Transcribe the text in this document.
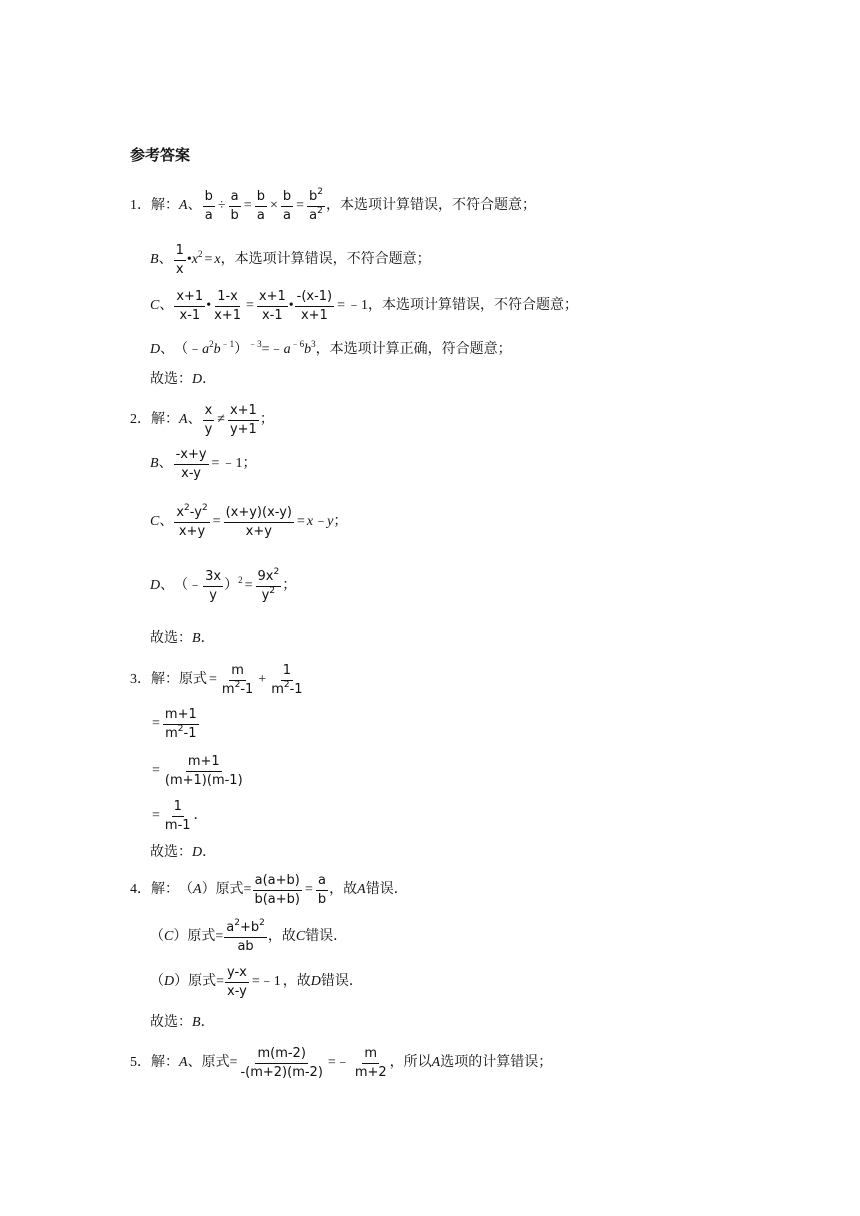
参考答案
1． 解： A 、 $\frac{b}{a} \div \frac{a}{b} = \frac{b}{a} \times \frac{b}{a} = \frac{b^2}{a^2}$ ，本选项计算错误，不符合题意；
B 、 $\frac{1}{x}$ • x 2 = x ，本选项计算错误，不符合题意；
C 、 $\frac{x+1}{x-1}$ • $\frac{1-x}{x+1} = \frac{x+1}{x-1}$ • $\frac{-(x-1)}{x+1}$ = ﹣1 ，本选项计算错误，不符合题意；
D 、 （﹣ a 2 b ﹣1 ） ﹣3 =﹣ a ﹣6 b 3 ，本选项计算正确，符合题意；
故选： D ．
2． 解： A 、 $\frac{x}{y} \ne \frac{x+1}{y+1}$ ；
B 、 $\frac{-x+y}{x-y}$ = ﹣1；
C 、 $\frac{x^2-y^2}{x+y} = \frac{(x+y)(x-y)}{x+y}$ = x﹣y ；
D 、 （﹣ $\frac{3x}{y}$ ） $2 = \frac{9x^2}{y^2}$ ；
故选： B ．
3． 解：原式 = $\frac{m}{m^2-1} + \frac{1}{m^2-1}$
= $\frac{m+1}{m^2-1}$
= $\frac{m+1}{(m+1)(m-1)}$
= $\frac{1}{m-1}$ ．
故选： D ．
4． 解： （ A ） 原式= $\frac{a(a+b)}{b(a+b)} = \frac{a}{b}$ ，故 A 错误．
（ C ） 原式= $\frac{a^2+b^2}{ab}$ ，故 C 错误．
（ D ） 原式= $\frac{y-x}{x-y}$ =﹣1 ，故 D 错误．
故选： B ．
5． 解： A 、 原式= $\frac{m(m-2)}{-(m+2)(m-2)}$ =﹣ $\frac{m}{m+2}$ ，所以 A 选项的计算错误；
